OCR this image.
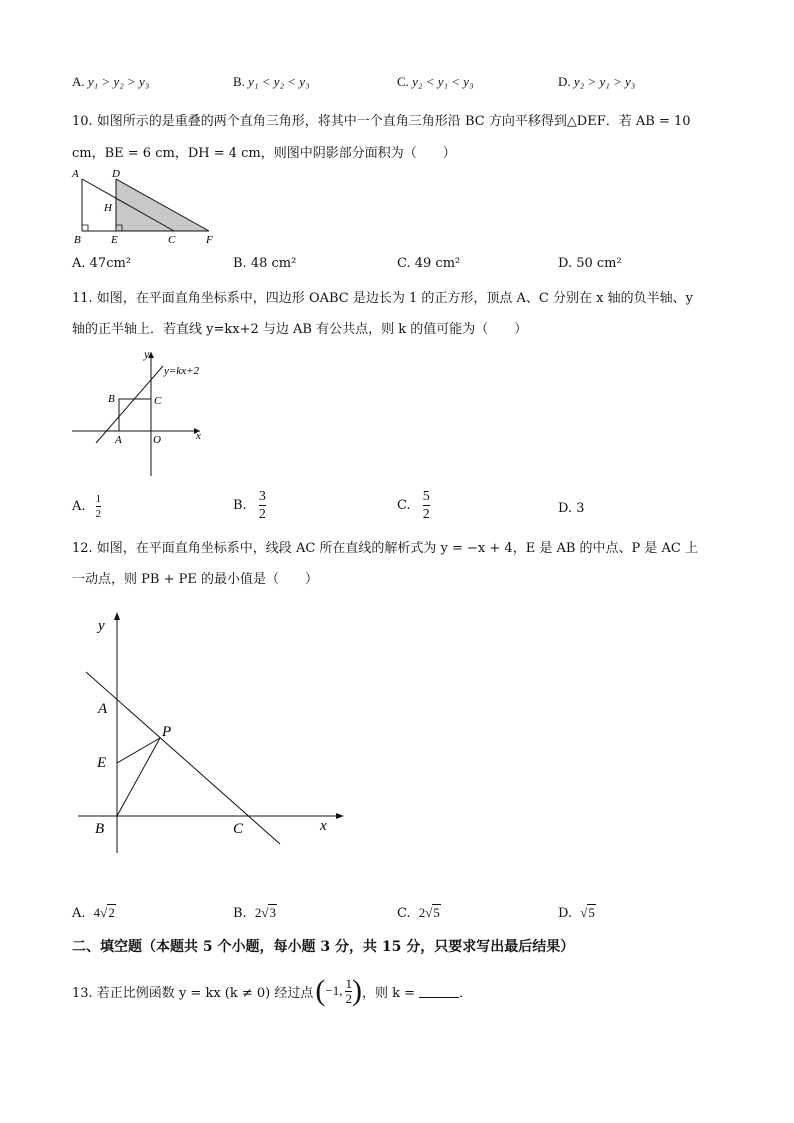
A. y₁ > y₂ > y₃	B. y₁ < y₂ < y₃	C. y₂ < y₁ < y₃	D. y₂ > y₁ > y₃
10. 如图所示的是重叠的两个直角三角形，将其中一个直角三角形沿 BC 方向平移得到△DEF．若 AB = 10
cm，BE = 6 cm，DH = 4 cm，则图中阴影部分面积为（　　）
A	D
H
B	E	C	F
A. 47cm²	B. 48 cm²	C. 49 cm²	D. 50 cm²
11. 如图，在平面直角坐标系中，四边形 OABC 是边长为 1 的正方形，顶点 A、C 分别在 x 轴的负半轴、y
轴的正半轴上．若直线 y=kx+2 与边 AB 有公共点，则 k 的值可能为（　　）
y
y=kx+2
B	C
A	O	x
A. $\frac{1}{2}$	B. $\frac{3}{2}$	C. $\frac{5}{2}$	D. 3
12. 如图，在平面直角坐标系中，线段 AC 所在直线的解析式为 y = −x + 4，E 是 AB 的中点、P 是 AC 上
一动点，则 PB + PE 的最小值是（　　）
y
A
P
E
B	C	x
A. 4√2	B. 2√3	C. 2√5	D. √5
二、填空题（本题共 5 个小题，每小题 3 分，共 15 分，只要求写出最后结果）
13. 若正比例函数 y = kx (k ≠ 0) 经过点 ( −1, $\frac{1}{2}$ ) ，则 k =	．
